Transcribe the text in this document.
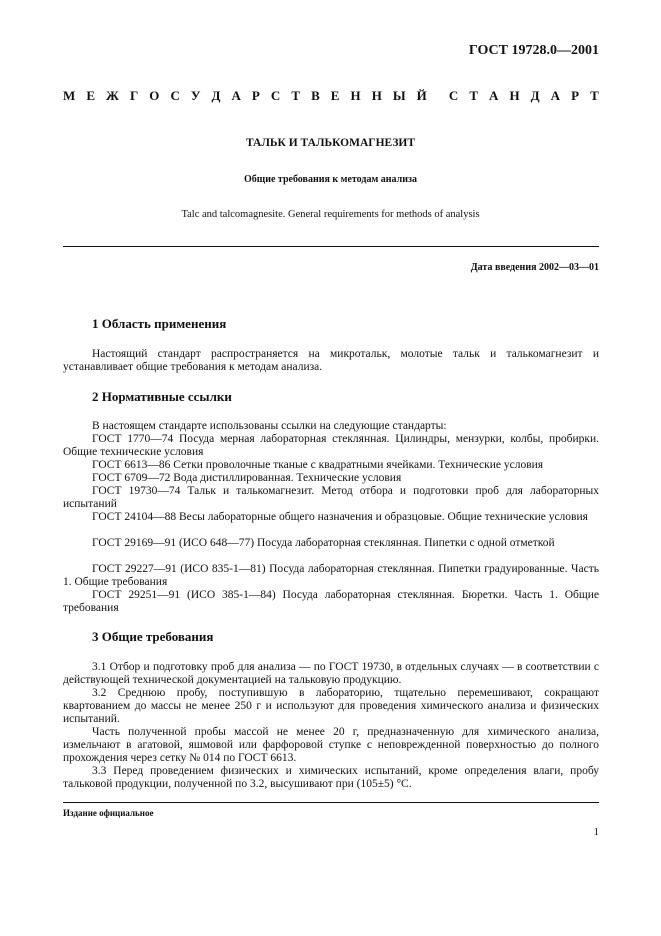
ГОСТ 19728.0—2001
М Е Ж Г О С У Д А Р С Т В Е Н Н Ы Й С Т А Н Д А Р Т
ТАЛЬК И ТАЛЬКОМАГНЕЗИТ
Общие требования к методам анализа
Talc and talcomagnesite. General requirements for methods of analysis
Дата введения 2002—03—01
1 Область применения
Настоящий стандарт распространяется на микротальк, молотые тальк и талькомагнезит и устанавливает общие требования к методам анализа.
2 Нормативные ссылки
В настоящем стандарте использованы ссылки на следующие стандарты:
ГОСТ 1770—74 Посуда мерная лабораторная стеклянная. Цилиндры, мензурки, колбы, пробирки. Общие технические условия
ГОСТ 6613—86 Сетки проволочные тканые с квадратными ячейками. Технические условия
ГОСТ 6709—72 Вода дистиллированная. Технические условия
ГОСТ 19730—74 Тальк и талькомагнезит. Метод отбора и подготовки проб для лабораторных испытаний
ГОСТ 24104—88 Весы лабораторные общего назначения и образцовые. Общие технические условия
ГОСТ 29169—91 (ИСО 648—77) Посуда лабораторная стеклянная. Пипетки с одной отметкой
ГОСТ 29227—91 (ИСО 835-1—81) Посуда лабораторная стеклянная. Пипетки градуированные. Часть 1. Общие требования
ГОСТ 29251—91 (ИСО 385-1—84) Посуда лабораторная стеклянная. Бюретки. Часть 1. Общие требования
3 Общие требования
3.1 Отбор и подготовку проб для анализа — по ГОСТ 19730, в отдельных случаях — в соответствии с действующей технической документацией на тальковую продукцию.
3.2 Среднюю пробу, поступившую в лабораторию, тщательно перемешивают, сокращают квартованием до массы не менее 250 г и используют для проведения химического анализа и физических испытаний.
Часть полученной пробы массой не менее 20 г, предназначенную для химического анализа, измельчают в агатовой, яшмовой или фарфоровой ступке с неповрежденной поверхностью до полного прохождения через сетку № 014 по ГОСТ 6613.
3.3 Перед проведением физических и химических испытаний, кроме определения влаги, пробу тальковой продукции, полученной по 3.2, высушивают при (105±5) °С.
Издание официальное
1
